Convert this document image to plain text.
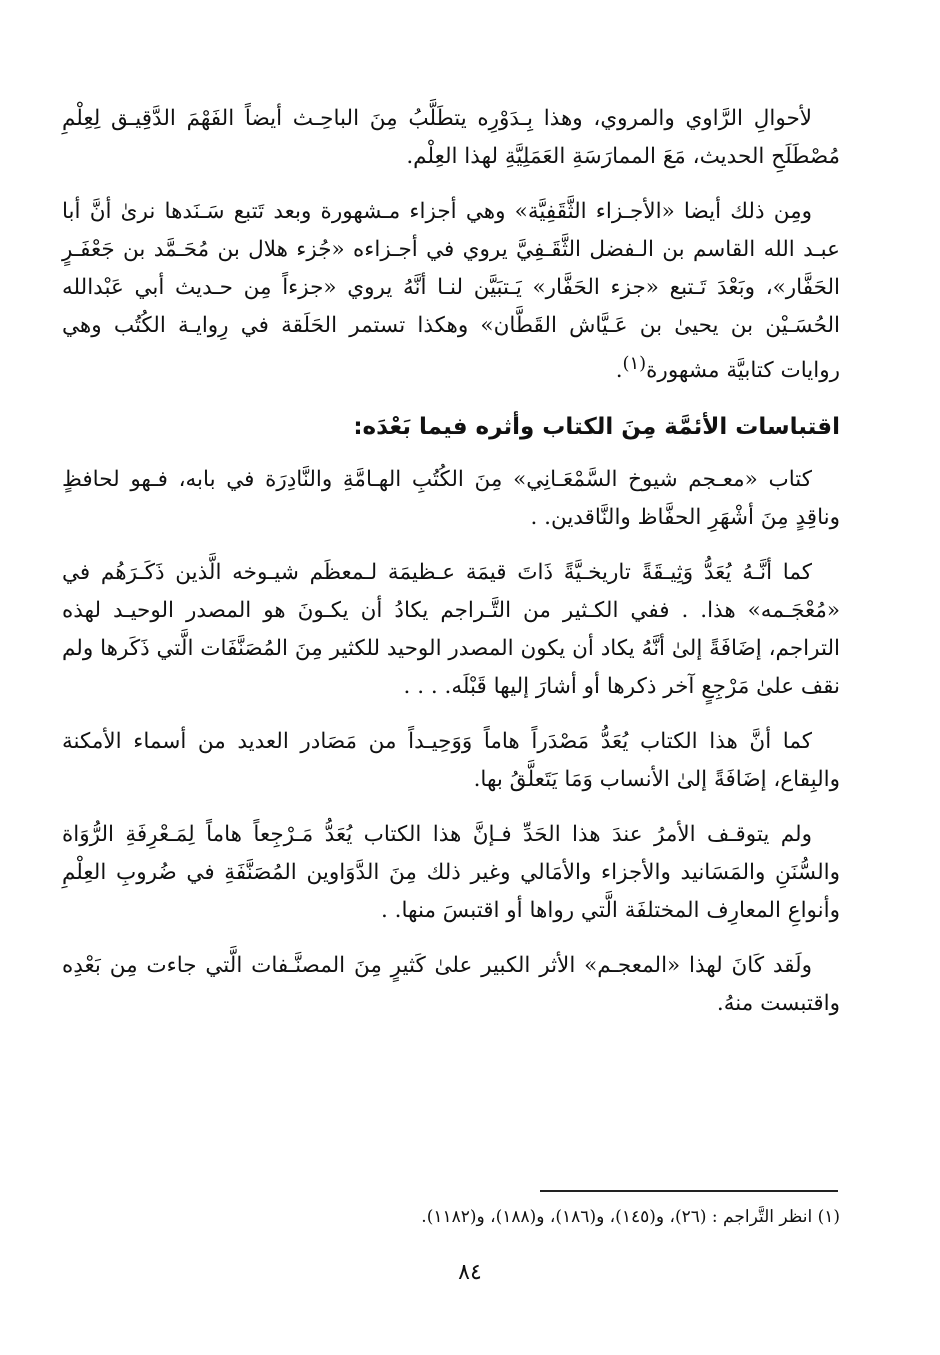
لأحوالِ الرَّاوي والمروي، وهذا بِـدَوْرِه يتطَلَّبُ مِنَ الباحِـث أيضاً الفَهْمَ الدَّقِيـق لِعِلْمِ مُصْطَلَحِ الحديث، مَعَ الممارَسَةِ العَمَلِيَّةِ لهذا العِلْم.

ومِن ذلك أيضا «الأجـزاء الثَّقَفِيَّة» وهي أجزاء مـشهورة وبعد تَتبع سَـنَدها نرىٰ أنَّ أبا عبـد الله القاسم بن الـفضل الثَّقَـفِيَّ يروي في أجـزاءه «جُزء هلال بن مُحَـمَّد بن جَعْفَـرٍ الحَفَّار»، وبَعْدَ تَـتبع «جزء الحَفَّار» يَـتبَيَّن لنـا أنَّهُ يروي «جزءاً مِن حـديث أبي عَبْدالله الحُسَـيْن بن يحيىٰ بن عَـيَّاش القَطَّان» وهكذا تستمر الحَلَقة في رِوايـة الكُتُب وهي روايات كتابيَّة مشهورة$^{(١)}$.

اقتباسات الأئمَّة مِنَ الكتاب وأثره فيما بَعْدَه:

كتاب «معـجم شيوخ السَّمْعَـانِي» مِنَ الكُتُبِ الهـامَّةِ والنَّادِرَة في بابه، فـهو لحافظٍ وناقِدٍ مِنَ أشْهَرِ الحفَّاظ والنَّاقدين. .

كما أنَّـهُ يُعَدُّ وَثِيـقَةً تاريخـيَّةً ذَاتَ قيمَة عـظيمَة لـمعظَم شيـوخه الَّذين ذَكَـرَهُم في «مُعْجَـمه» هذا. . ففي الكـثير من التَّـراجم يكادُ أن يكـونَ هو المصدر الوحيـد لهذه التراجم، إضَافَةً إلىٰ أنَّهُ يكاد أن يكون المصدر الوحيد للكثير مِنَ المُصَنَّفَات الَّتي ذَكَرها ولم نقف علىٰ مَرْجِعٍ آخر ذكرها أو أشارَ إليها قَبْلَه. . . .

كما أنَّ هذا الكتاب يُعَدُّ مَصْدَراً هاماً وَوَحِيـداً من مَصَادر العديد من أسماء الأمكنة والبِقاع، إضَافَةً إلىٰ الأنساب وَمَا يَتَعلَّقُ بها.

ولم يتوقـف الأمرُ عندَ هذا الحَدِّ فـإنَّ هذا الكتاب يُعَدُّ مَـرْجِعاً هاماً لِمَـعْرِفَةِ الرُّوَاة والسُّنَنِ والمَسَانيد والأجزاء والأمَالي وغير ذلك مِنَ الدَّوَاوين المُصَنَّفَةِ في ضُروبِ العِلْمِ وأنواعِ المعارِف المختلفَة الَّتي رواها أو اقتبسَ منها. .

ولَقد كَانَ لهذا «المعجـم» الأثر الكبير علىٰ كَثيرٍ مِنَ المصنَّـفات الَّتي جاءت مِن بَعْدِه واقتبست منهُ.

(١) انظر التَّراجم : (٢٦)، و(١٤٥)، و(١٨٦)، و(١٨٨)، و(١١٨٢).
٨٤
